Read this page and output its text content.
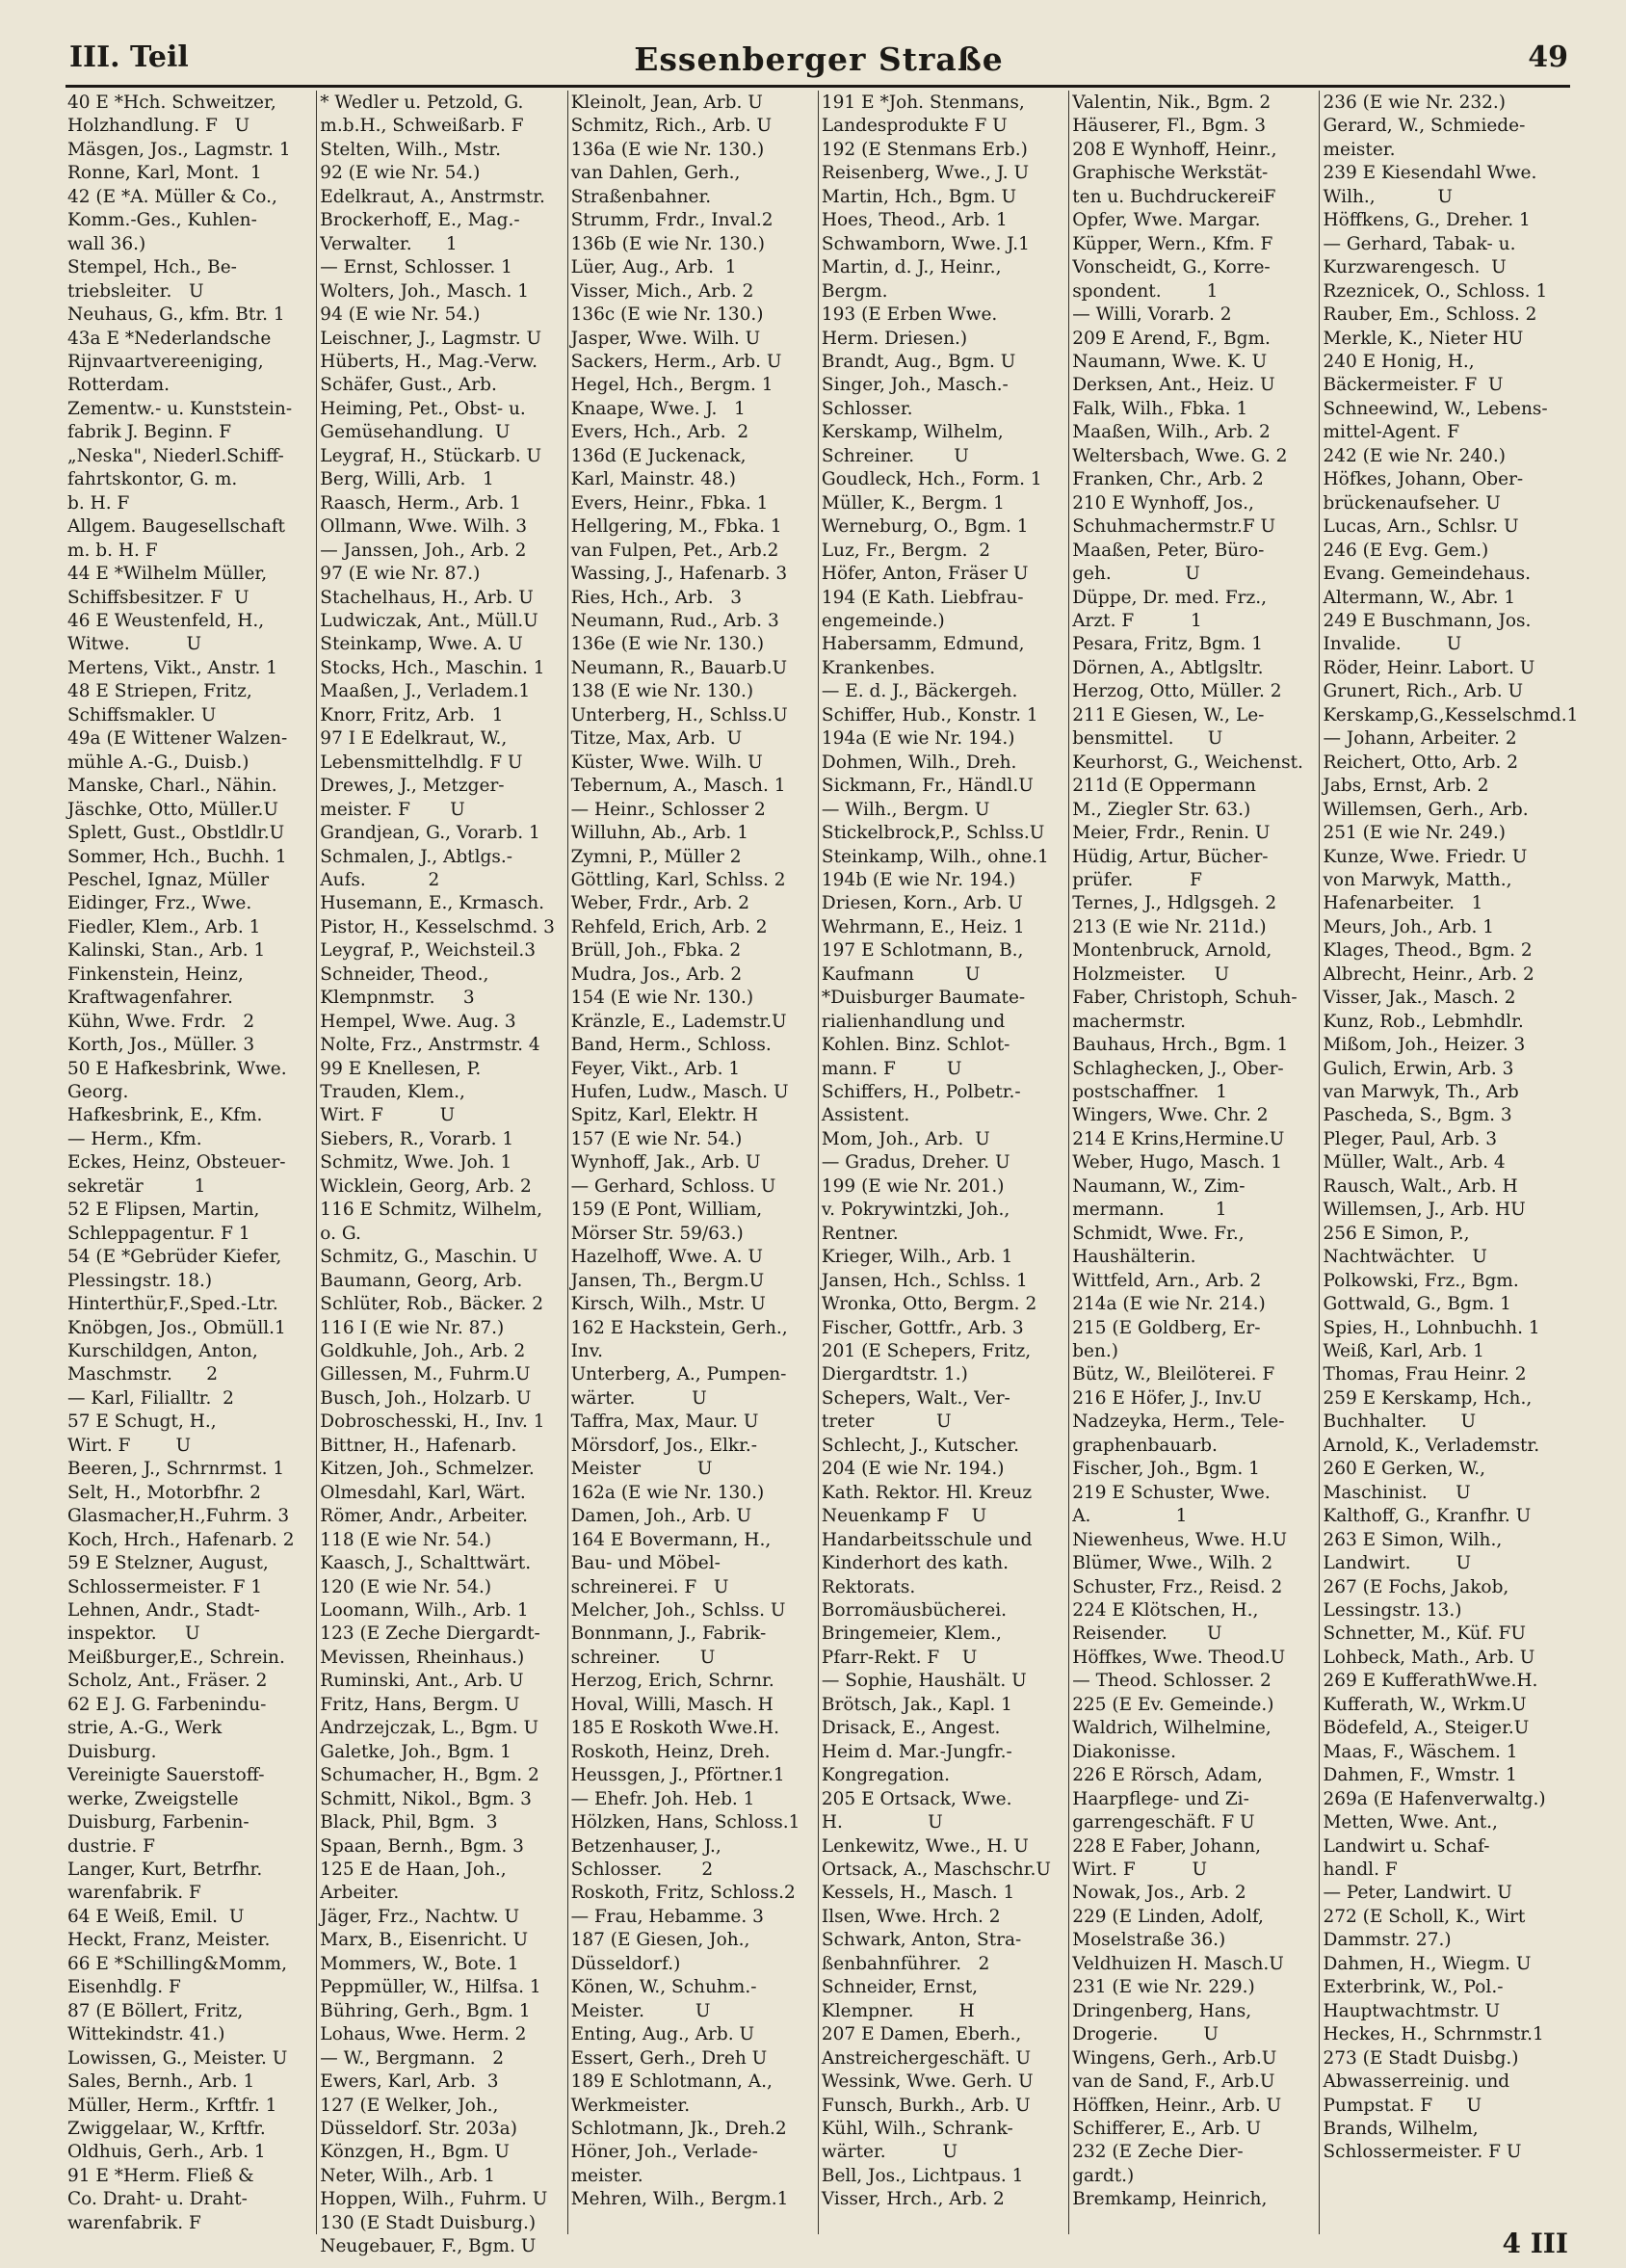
III. Teil	Essenberger Straße	49
40 E *Hch. Schweitzer,
Holzhandlung. F   U
Mäsgen, Jos., Lagmstr. 1
Ronne, Karl, Mont.  1
42 (E *A. Müller & Co.,
Komm.-Ges., Kuhlen-
wall 36.)
Stempel, Hch., Be-
triebsleiter.   U
Neuhaus, G., kfm. Btr. 1
43a E *Nederlandsche
Rijnvaartvereeniging,
Rotterdam.
Zementw.- u. Kunststein-
fabrik J. Beginn. F
„Neska", Niederl.Schiff-
fahrtskontor, G. m.
b. H. F
Allgem. Baugesellschaft
m. b. H. F
44 E *Wilhelm Müller,
Schiffsbesitzer. F  U
46 E Weustenfeld, H.,
Witwe.          U
Mertens, Vikt., Anstr. 1
48 E Striepen, Fritz,
Schiffsmakler. U
49a (E Wittener Walzen-
mühle A.-G., Duisb.)
Manske, Charl., Nähin.
Jäschke, Otto, Müller.U
Splett, Gust., Obstldlr.U
Sommer, Hch., Buchh. 1
Peschel, Ignaz, Müller
Eidinger, Frz., Wwe.
Fiedler, Klem., Arb. 1
Kalinski, Stan., Arb. 1
Finkenstein, Heinz,
Kraftwagenfahrer.
Kühn, Wwe. Frdr.   2
Korth, Jos., Müller. 3
50 E Hafkesbrink, Wwe.
Georg.
Hafkesbrink, E., Kfm.
— Herm., Kfm.
Eckes, Heinz, Obsteuer-
sekretär         1
52 E Flipsen, Martin,
Schleppagentur. F 1
54 (E *Gebrüder Kiefer,
Plessingstr. 18.)
Hinterthür,F.,Sped.-Ltr.
Knöbgen, Jos., Obmüll.1
Kurschildgen, Anton,
Maschmstr.      2
— Karl, Filialltr.  2
57 E Schugt, H.,
Wirt. F        U
Beeren, J., Schrnrmst. 1
Selt, H., Motorbfhr. 2
Glasmacher,H.,Fuhrm. 3
Koch, Hrch., Hafenarb. 2
59 E Stelzner, August,
Schlossermeister. F 1
Lehnen, Andr., Stadt-
inspektor.     U
Meißburger,E., Schrein.
Scholz, Ant., Fräser. 2
62 E J. G. Farbenindu-
strie, A.-G., Werk
Duisburg.
Vereinigte Sauerstoff-
werke, Zweigstelle
Duisburg, Farbenin-
dustrie. F
Langer, Kurt, Betrfhr.
warenfabrik. F
64 E Weiß, Emil.  U
Heckt, Franz, Meister.
66 E *Schilling&Momm,
Eisenhdlg. F
87 (E Böllert, Fritz,
Wittekindstr. 41.)
Lowissen, G., Meister. U
Sales, Bernh., Arb. 1
Müller, Herm., Krftfr. 1
Zwiggelaar, W., Krftfr.
Oldhuis, Gerh., Arb. 1
91 E *Herm. Fließ &
Co. Draht- u. Draht-
warenfabrik. F
* Wedler u. Petzold, G.
m.b.H., Schweißarb. F
Stelten, Wilh., Mstr.
92 (E wie Nr. 54.)
Edelkraut, A., Anstrmstr.
Brockerhoff, E., Mag.-
Verwalter.      1
— Ernst, Schlosser. 1
Wolters, Joh., Masch. 1
94 (E wie Nr. 54.)
Leischner, J., Lagmstr. U
Hüberts, H., Mag.-Verw.
Schäfer, Gust., Arb.
Heiming, Pet., Obst- u.
Gemüsehandlung.  U
Leygraf, H., Stückarb. U
Berg, Willi, Arb.   1
Raasch, Herm., Arb. 1
Ollmann, Wwe. Wilh. 3
— Janssen, Joh., Arb. 2
97 (E wie Nr. 87.)
Stachelhaus, H., Arb. U
Ludwiczak, Ant., Müll.U
Steinkamp, Wwe. A. U
Stocks, Hch., Maschin. 1
Maaßen, J., Verladem.1
Knorr, Fritz, Arb.   1
97 I E Edelkraut, W.,
Lebensmittelhdlg. F U
Drewes, J., Metzger-
meister. F       U
Grandjean, G., Vorarb. 1
Schmalen, J., Abtlgs.-
Aufs.           2
Husemann, E., Krmasch.
Pistor, H., Kesselschmd. 3
Leygraf, P., Weichsteil.3
Schneider, Theod.,
Klempnmstr.     3
Hempel, Wwe. Aug. 3
Nolte, Frz., Anstrmstr. 4
99 E Knellesen, P.
Trauden, Klem.,
Wirt. F          U
Siebers, R., Vorarb. 1
Schmitz, Wwe. Joh. 1
Wicklein, Georg, Arb. 2
116 E Schmitz, Wilhelm,
o. G.
Schmitz, G., Maschin. U
Baumann, Georg, Arb.
Schlüter, Rob., Bäcker. 2
116 I (E wie Nr. 87.)
Goldkuhle, Joh., Arb. 2
Gillessen, M., Fuhrm.U
Busch, Joh., Holzarb. U
Dobroschesski, H., Inv. 1
Bittner, H., Hafenarb.
Kitzen, Joh., Schmelzer.
Olmesdahl, Karl, Wärt.
Römer, Andr., Arbeiter.
118 (E wie Nr. 54.)
Kaasch, J., Schalttwärt.
120 (E wie Nr. 54.)
Loomann, Wilh., Arb. 1
123 (E Zeche Diergardt-
Mevissen, Rheinhaus.)
Ruminski, Ant., Arb. U
Fritz, Hans, Bergm. U
Andrzejczak, L., Bgm. U
Galetke, Joh., Bgm. 1
Schumacher, H., Bgm. 2
Schmitt, Nikol., Bgm. 3
Black, Phil, Bgm.  3
Spaan, Bernh., Bgm. 3
125 E de Haan, Joh.,
Arbeiter.
Jäger, Frz., Nachtw. U
Marx, B., Eisenricht. U
Mommers, W., Bote. 1
Peppmüller, W., Hilfsa. 1
Bühring, Gerh., Bgm. 1
Lohaus, Wwe. Herm. 2
— W., Bergmann.   2
Ewers, Karl, Arb.  3
127 (E Welker, Joh.,
Düsseldorf. Str. 203a)
Könzgen, H., Bgm. U
Neter, Wilh., Arb. 1
Hoppen, Wilh., Fuhrm. U
130 (E Stadt Duisburg.)
Neugebauer, F., Bgm. U
Kleinolt, Jean, Arb. U
Schmitz, Rich., Arb. U
136a (E wie Nr. 130.)
van Dahlen, Gerh.,
Straßenbahner.
Strumm, Frdr., Inval.2
136b (E wie Nr. 130.)
Lüer, Aug., Arb.  1
Visser, Mich., Arb. 2
136c (E wie Nr. 130.)
Jasper, Wwe. Wilh. U
Sackers, Herm., Arb. U
Hegel, Hch., Bergm. 1
Knaape, Wwe. J.   1
Evers, Hch., Arb.  2
136d (E Juckenack,
Karl, Mainstr. 48.)
Evers, Heinr., Fbka. 1
Hellgering, M., Fbka. 1
van Fulpen, Pet., Arb.2
Wassing, J., Hafenarb. 3
Ries, Hch., Arb.   3
Neumann, Rud., Arb. 3
136e (E wie Nr. 130.)
Neumann, R., Bauarb.U
138 (E wie Nr. 130.)
Unterberg, H., Schlss.U
Titze, Max, Arb.  U
Küster, Wwe. Wilh. U
Tebernum, A., Masch. 1
— Heinr., Schlosser 2
Willuhn, Ab., Arb. 1
Zymni, P., Müller 2
Göttling, Karl, Schlss. 2
Weber, Frdr., Arb. 2
Rehfeld, Erich, Arb. 2
Brüll, Joh., Fbka. 2
Mudra, Jos., Arb. 2
154 (E wie Nr. 130.)
Kränzle, E., Lademstr.U
Band, Herm., Schloss.
Feyer, Vikt., Arb. 1
Hufen, Ludw., Masch. U
Spitz, Karl, Elektr. H
157 (E wie Nr. 54.)
Wynhoff, Jak., Arb. U
— Gerhard, Schloss. U
159 (E Pont, William,
Mörser Str. 59/63.)
Hazelhoff, Wwe. A. U
Jansen, Th., Bergm.U
Kirsch, Wilh., Mstr. U
162 E Hackstein, Gerh.,
Inv.
Unterberg, A., Pumpen-
wärter.          U
Taffra, Max, Maur. U
Mörsdorf, Jos., Elkr.-
Meister          U
162a (E wie Nr. 130.)
Damen, Joh., Arb. U
164 E Bovermann, H.,
Bau- und Möbel-
schreinerei. F   U
Melcher, Joh., Schlss. U
Bonnmann, J., Fabrik-
schreiner.       U
Herzog, Erich, Schrnr.
Hoval, Willi, Masch. H
185 E Roskoth Wwe.H.
Roskoth, Heinz, Dreh.
Heussgen, J., Pförtner.1
— Ehefr. Joh. Heb. 1
Hölzken, Hans, Schloss.1
Betzenhauser, J.,
Schlosser.       2
Roskoth, Fritz, Schloss.2
— Frau, Hebamme. 3
187 (E Giesen, Joh.,
Düsseldorf.)
Könen, W., Schuhm.-
Meister.         U
Enting, Aug., Arb. U
Essert, Gerh., Dreh U
189 E Schlotmann, A.,
Werkmeister.
Schlotmann, Jk., Dreh.2
Höner, Joh., Verlade-
meister.
Mehren, Wilh., Bergm.1
191 E *Joh. Stenmans,
Landesprodukte F U
192 (E Stenmans Erb.)
Reisenberg, Wwe., J. U
Martin, Hch., Bgm. U
Hoes, Theod., Arb. 1
Schwamborn, Wwe. J.1
Martin, d. J., Heinr.,
Bergm.
193 (E Erben Wwe.
Herm. Driesen.)
Brandt, Aug., Bgm. U
Singer, Joh., Masch.-
Schlosser.
Kerskamp, Wilhelm,
Schreiner.       U
Goudleck, Hch., Form. 1
Müller, K., Bergm. 1
Werneburg, O., Bgm. 1
Luz, Fr., Bergm.  2
Höfer, Anton, Fräser U
194 (E Kath. Liebfrau-
engemeinde.)
Habersamm, Edmund,
Krankenbes.
— E. d. J., Bäckergeh.
Schiffer, Hub., Konstr. 1
194a (E wie Nr. 194.)
Dohmen, Wilh., Dreh.
Sickmann, Fr., Händl.U
— Wilh., Bergm. U
Stickelbrock,P., Schlss.U
Steinkamp, Wilh., ohne.1
194b (E wie Nr. 194.)
Driesen, Korn., Arb. U
Wehrmann, E., Heiz. 1
197 E Schlotmann, B.,
Kaufmann         U
*Duisburger Baumate-
rialienhandlung und
Kohlen. Binz. Schlot-
mann. F         U
Schiffers, H., Polbetr.-
Assistent.
Mom, Joh., Arb.  U
— Gradus, Dreher. U
199 (E wie Nr. 201.)
v. Pokrywintzki, Joh.,
Rentner.
Krieger, Wilh., Arb. 1
Jansen, Hch., Schlss. 1
Wronka, Otto, Bergm. 2
Fischer, Gottfr., Arb. 3
201 (E Schepers, Fritz,
Diergardtstr. 1.)
Schepers, Walt., Ver-
treter           U
Schlecht, J., Kutscher.
204 (E wie Nr. 194.)
Kath. Rektor. Hl. Kreuz
Neuenkamp F    U
Handarbeitsschule und
Kinderhort des kath.
Rektorats.
Borromäusbücherei.
Bringemeier, Klem.,
Pfarr-Rekt. F    U
— Sophie, Haushält. U
Brötsch, Jak., Kapl. 1
Drisack, E., Angest.
Heim d. Mar.-Jungfr.-
Kongregation.
205 E Ortsack, Wwe.
H.               U
Lenkewitz, Wwe., H. U
Ortsack, A., Maschschr.U
Kessels, H., Masch. 1
Ilsen, Wwe. Hrch. 2
Schwark, Anton, Stra-
ßenbahnführer.   2
Schneider, Ernst,
Klempner.        H
207 E Damen, Eberh.,
Anstreichergeschäft. U
Wessink, Wwe. Gerh. U
Funsch, Burkh., Arb. U
Kühl, Wilh., Schrank-
wärter.          U
Bell, Jos., Lichtpaus. 1
Visser, Hrch., Arb. 2
Valentin, Nik., Bgm. 2
Häuserer, Fl., Bgm. 3
208 E Wynhoff, Heinr.,
Graphische Werkstät-
ten u. BuchdruckereiF
Opfer, Wwe. Margar.
Küpper, Wern., Kfm. F
Vonscheidt, G., Korre-
spondent.        1
— Willi, Vorarb. 2
209 E Arend, F., Bgm.
Naumann, Wwe. K. U
Derksen, Ant., Heiz. U
Falk, Wilh., Fbka. 1
Maaßen, Wilh., Arb. 2
Weltersbach, Wwe. G. 2
Franken, Chr., Arb. 2
210 E Wynhoff, Jos.,
Schuhmachermstr.F U
Maaßen, Peter, Büro-
geh.             U
Düppe, Dr. med. Frz.,
Arzt. F          1
Pesara, Fritz, Bgm. 1
Dörnen, A., Abtlgsltr.
Herzog, Otto, Müller. 2
211 E Giesen, W., Le-
bensmittel.      U
Keurhorst, G., Weichenst.
211d (E Oppermann
M., Ziegler Str. 63.)
Meier, Frdr., Renin. U
Hüdig, Artur, Bücher-
prüfer.          F
Ternes, J., Hdlgsgeh. 2
213 (E wie Nr. 211d.)
Montenbruck, Arnold,
Holzmeister.     U
Faber, Christoph, Schuh-
machermstr.
Bauhaus, Hrch., Bgm. 1
Schlaghecken, J., Ober-
postschaffner.   1
Wingers, Wwe. Chr. 2
214 E Krins,Hermine.U
Weber, Hugo, Masch. 1
Naumann, W., Zim-
mermann.         1
Schmidt, Wwe. Fr.,
Haushälterin.
Wittfeld, Arn., Arb. 2
214a (E wie Nr. 214.)
215 (E Goldberg, Er-
ben.)
Bütz, W., Bleilöterei. F
216 E Höfer, J., Inv.U
Nadzeyka, Herm., Tele-
graphenbauarb.
Fischer, Joh., Bgm. 1
219 E Schuster, Wwe.
A.               1
Niewenheus, Wwe. H.U
Blümer, Wwe., Wilh. 2
Schuster, Frz., Reisd. 2
224 E Klötschen, H.,
Reisender.       U
Höffkes, Wwe. Theod.U
— Theod. Schlosser. 2
225 (E Ev. Gemeinde.)
Waldrich, Wilhelmine,
Diakonisse.
226 E Rörsch, Adam,
Haarpflege- und Zi-
garrengeschäft. F U
228 E Faber, Johann,
Wirt. F          U
Nowak, Jos., Arb. 2
229 (E Linden, Adolf,
Moselstraße 36.)
Veldhuizen H. Masch.U
231 (E wie Nr. 229.)
Dringenberg, Hans,
Drogerie.        U
Wingens, Gerh., Arb.U
van de Sand, F., Arb.U
Höffken, Heinr., Arb. U
Schifferer, E., Arb. U
232 (E Zeche Dier-
gardt.)
Bremkamp, Heinrich,
236 (E wie Nr. 232.)
Gerard, W., Schmiede-
meister.
239 E Kiesendahl Wwe.
Wilh.,           U
Höffkens, G., Dreher. 1
— Gerhard, Tabak- u.
Kurzwarengesch.  U
Rzeznicek, O., Schloss. 1
Rauber, Em., Schloss. 2
Merkle, K., Nieter HU
240 E Honig, H.,
Bäckermeister. F  U
Schneewind, W., Lebens-
mittel-Agent. F
242 (E wie Nr. 240.)
Höfkes, Johann, Ober-
brückenaufseher. U
Lucas, Arn., Schlsr. U
246 (E Evg. Gem.)
Evang. Gemeindehaus.
Altermann, W., Abr. 1
249 E Buschmann, Jos.
Invalide.        U
Röder, Heinr. Labort. U
Grunert, Rich., Arb. U
Kerskamp,G.,Kesselschmd.1
— Johann, Arbeiter. 2
Reichert, Otto, Arb. 2
Jabs, Ernst, Arb. 2
Willemsen, Gerh., Arb.
251 (E wie Nr. 249.)
Kunze, Wwe. Friedr. U
von Marwyk, Matth.,
Hafenarbeiter.   1
Meurs, Joh., Arb. 1
Klages, Theod., Bgm. 2
Albrecht, Heinr., Arb. 2
Visser, Jak., Masch. 2
Kunz, Rob., Lebmhdlr.
Mißom, Joh., Heizer. 3
Gulich, Erwin, Arb. 3
van Marwyk, Th., Arb
Pascheda, S., Bgm. 3
Pleger, Paul, Arb. 3
Müller, Walt., Arb. 4
Rausch, Walt., Arb. H
Willemsen, J., Arb. HU
256 E Simon, P.,
Nachtwächter.   U
Polkowski, Frz., Bgm.
Gottwald, G., Bgm. 1
Spies, H., Lohnbuchh. 1
Weiß, Karl, Arb. 1
Thomas, Frau Heinr. 2
259 E Kerskamp, Hch.,
Buchhalter.      U
Arnold, K., Verlademstr.
260 E Gerken, W.,
Maschinist.     U
Kalthoff, G., Kranfhr. U
263 E Simon, Wilh.,
Landwirt.        U
267 (E Fochs, Jakob,
Lessingstr. 13.)
Schnetter, M., Küf. FU
Lohbeck, Math., Arb. U
269 E KufferathWwe.H.
Kufferath, W., Wrkm.U
Bödefeld, A., Steiger.U
Maas, F., Wäschem. 1
Dahmen, F., Wmstr. 1
269a (E Hafenverwaltg.)
Metten, Wwe. Ant.,
Landwirt u. Schaf-
handl. F
— Peter, Landwirt. U
272 (E Scholl, K., Wirt
Dammstr. 27.)
Dahmen, H., Wiegm. U
Exterbrink, W., Pol.-
Hauptwachtmstr. U
Heckes, H., Schrnmstr.1
273 (E Stadt Duisbg.)
Abwasserreinig. und
Pumpstat. F      U
Brands, Wilhelm,
Schlossermeister. F U
4 III
